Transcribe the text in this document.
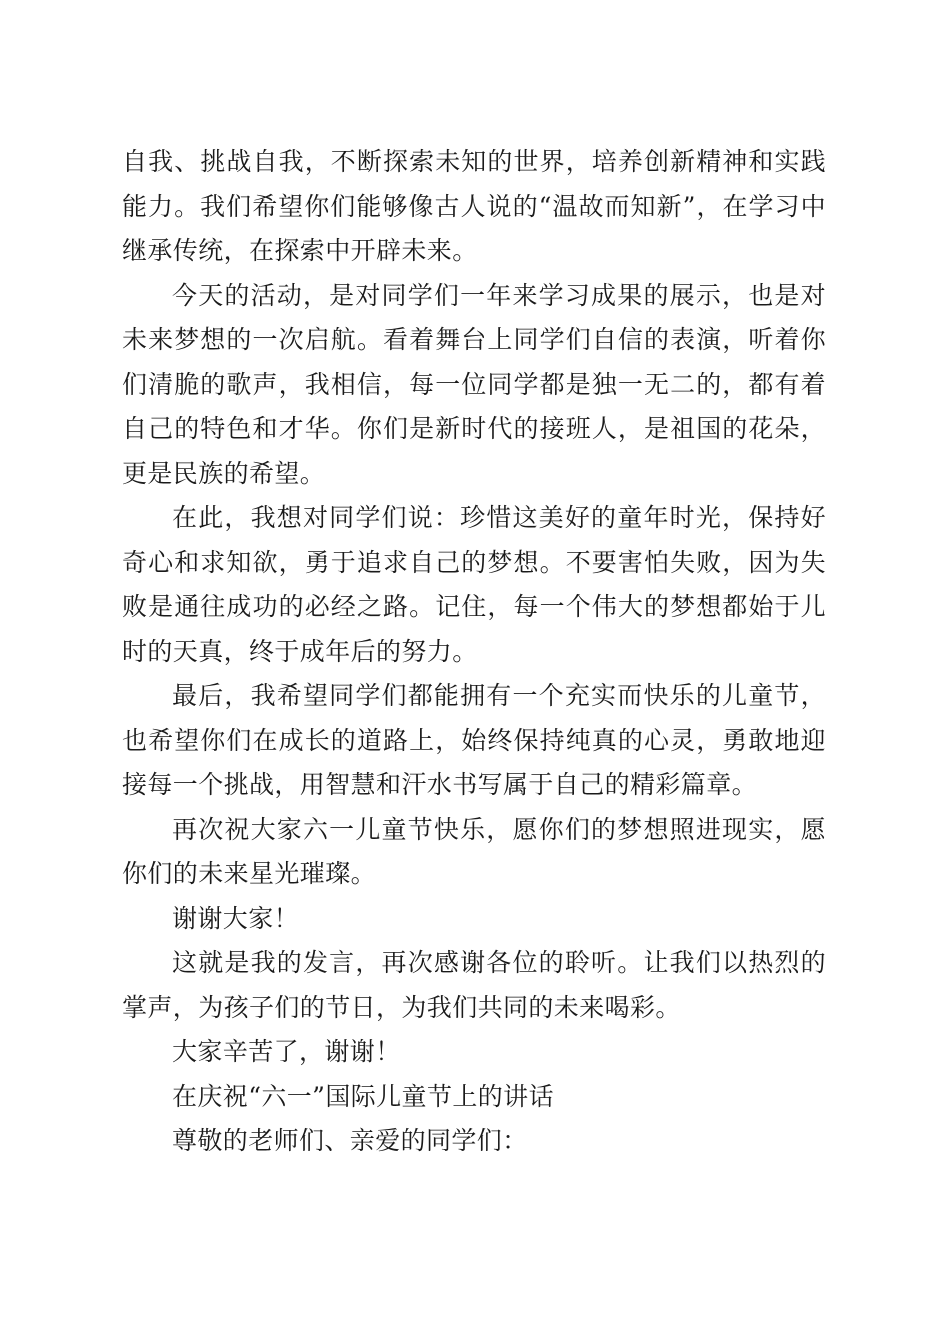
自我、挑战自我，不断探索未知的世界，培养创新精神和实践能力。我们希望你们能够像古人说的“温故而知新”，在学习中继承传统，在探索中开辟未来。

今天的活动，是对同学们一年来学习成果的展示，也是对未来梦想的一次启航。看着舞台上同学们自信的表演，听着你们清脆的歌声，我相信，每一位同学都是独一无二的，都有着自己的特色和才华。你们是新时代的接班人，是祖国的花朵，更是民族的希望。

在此，我想对同学们说：珍惜这美好的童年时光，保持好奇心和求知欲，勇于追求自己的梦想。不要害怕失败，因为失败是通往成功的必经之路。记住，每一个伟大的梦想都始于儿时的天真，终于成年后的努力。

最后，我希望同学们都能拥有一个充实而快乐的儿童节，也希望你们在成长的道路上，始终保持纯真的心灵，勇敢地迎接每一个挑战，用智慧和汗水书写属于自己的精彩篇章。

再次祝大家六一儿童节快乐，愿你们的梦想照进现实，愿你们的未来星光璀璨。

谢谢大家！

这就是我的发言，再次感谢各位的聆听。让我们以热烈的掌声，为孩子们的节日，为我们共同的未来喝彩。

大家辛苦了，谢谢！

在庆祝“六一”国际儿童节上的讲话

尊敬的老师们、亲爱的同学们：
